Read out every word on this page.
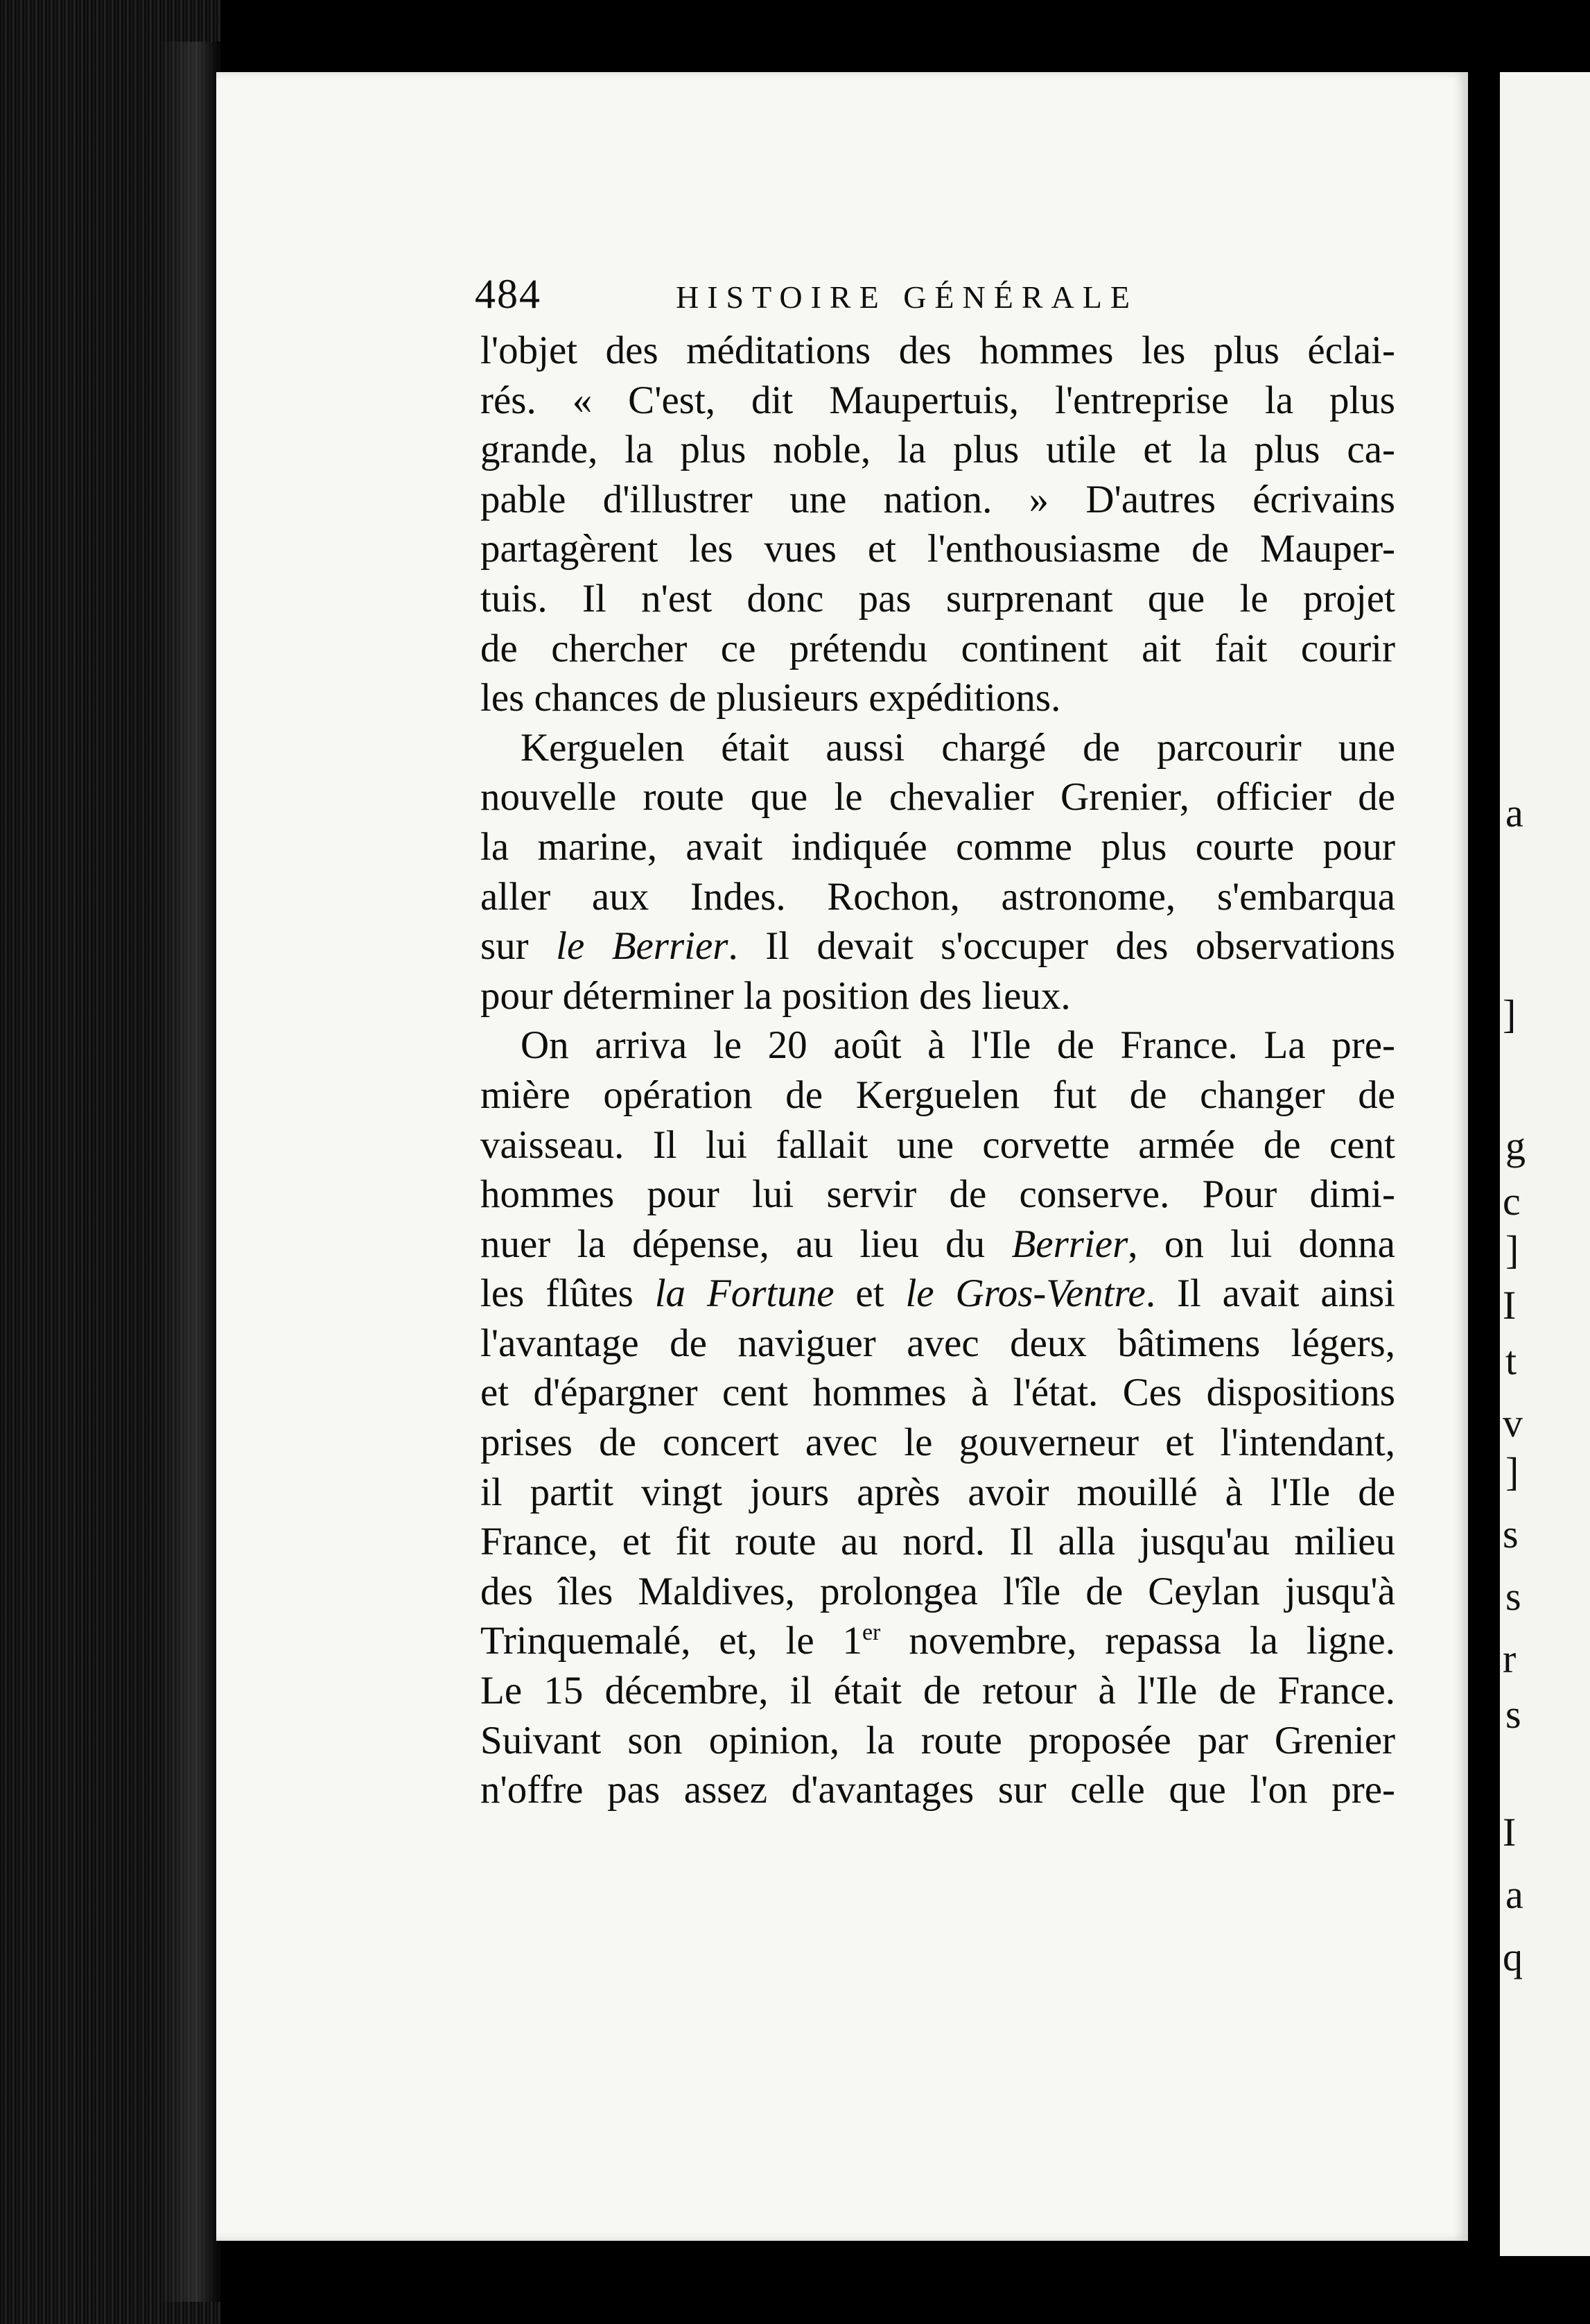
a
]
g
c
]
I
t
v
]
s
s
r
s
I
a
q
484	HISTOIRE GÉNÉRALE
l'objet des méditations des hommes les plus éclai-
rés. « C'est, dit Maupertuis, l'entreprise la plus
grande, la plus noble, la plus utile et la plus ca-
pable d'illustrer une nation. » D'autres écrivains
partagèrent les vues et l'enthousiasme de Mauper-
tuis. Il n'est donc pas surprenant que le projet
de chercher ce prétendu continent ait fait courir
les chances de plusieurs expéditions.
Kerguelen était aussi chargé de parcourir une
nouvelle route que le chevalier Grenier, officier de
la marine, avait indiquée comme plus courte pour
aller aux Indes. Rochon, astronome, s'embarqua
sur le Berrier. Il devait s'occuper des observations
pour déterminer la position des lieux.
On arriva le 20 août à l'Ile de France. La pre-
mière opération de Kerguelen fut de changer de
vaisseau. Il lui fallait une corvette armée de cent
hommes pour lui servir de conserve. Pour dimi-
nuer la dépense, au lieu du Berrier, on lui donna
les flûtes la Fortune et le Gros-Ventre. Il avait ainsi
l'avantage de naviguer avec deux bâtimens légers,
et d'épargner cent hommes à l'état. Ces dispositions
prises de concert avec le gouverneur et l'intendant,
il partit vingt jours après avoir mouillé à l'Ile de
France, et fit route au nord. Il alla jusqu'au milieu
des îles Maldives, prolongea l'île de Ceylan jusqu'à
Trinquemalé, et, le 1er novembre, repassa la ligne.
Le 15 décembre, il était de retour à l'Ile de France.
Suivant son opinion, la route proposée par Grenier
n'offre pas assez d'avantages sur celle que l'on pre-
